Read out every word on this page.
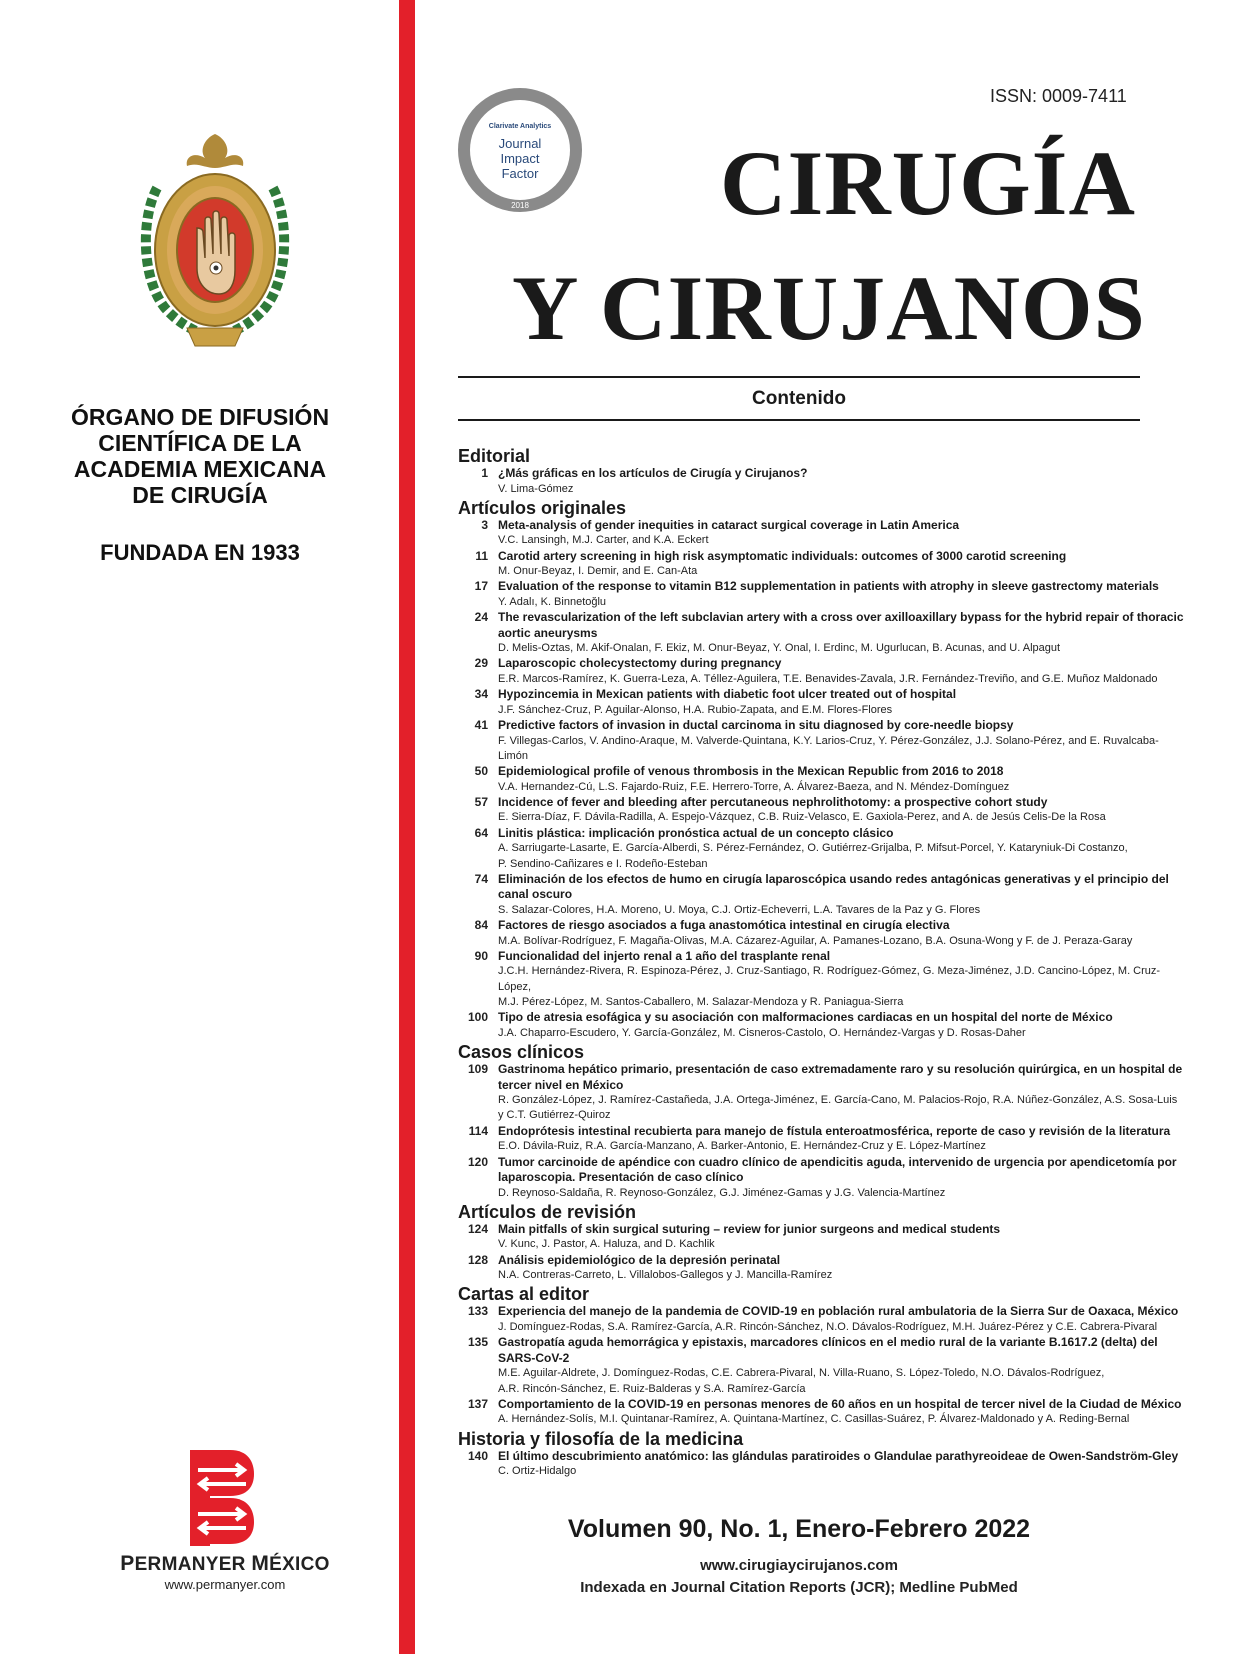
ÓRGANO DE DIFUSIÓN
CIENTÍFICA DE LA
ACADEMIA MEXICANA
DE CIRUGÍA
FUNDADA EN 1933
PERMANYER MÉXICO
www.permanyer.com
Journal Citation Reports
Clarivate Analytics
Journal
Impact
Factor
2018
ISSN: 0009-7411
CIRUGÍA
Y CIRUJANOS
Contenido
Editorial
1 ¿Más gráficas en los artículos de Cirugía y Cirujanos?
V. Lima-Gómez
Artículos originales
3 Meta-analysis of gender inequities in cataract surgical coverage in Latin America
V.C. Lansingh, M.J. Carter, and K.A. Eckert
11 Carotid artery screening in high risk asymptomatic individuals: outcomes of 3000 carotid screening
M. Onur-Beyaz, I. Demir, and E. Can-Ata
17 Evaluation of the response to vitamin B12 supplementation in patients with atrophy in sleeve gastrectomy materials
Y. Adalı, K. Binnetoğlu
24 The revascularization of the left subclavian artery with a cross over axilloaxillary bypass for the hybrid repair of thoracic aortic aneurysms
D. Melis-Oztas, M. Akif-Onalan, F. Ekiz, M. Onur-Beyaz, Y. Onal, I. Erdinc, M. Ugurlucan, B. Acunas, and U. Alpagut
29 Laparoscopic cholecystectomy during pregnancy
E.R. Marcos-Ramírez, K. Guerra-Leza, A. Téllez-Aguilera, T.E. Benavides-Zavala, J.R. Fernández-Treviño, and G.E. Muñoz Maldonado
34 Hypozincemia in Mexican patients with diabetic foot ulcer treated out of hospital
J.F. Sánchez-Cruz, P. Aguilar-Alonso, H.A. Rubio-Zapata, and E.M. Flores-Flores
41 Predictive factors of invasion in ductal carcinoma in situ diagnosed by core-needle biopsy
F. Villegas-Carlos, V. Andino-Araque, M. Valverde-Quintana, K.Y. Larios-Cruz, Y. Pérez-González, J.J. Solano-Pérez, and E. Ruvalcaba-Limón
50 Epidemiological profile of venous thrombosis in the Mexican Republic from 2016 to 2018
V.A. Hernandez-Cú, L.S. Fajardo-Ruiz, F.E. Herrero-Torre, A. Álvarez-Baeza, and N. Méndez-Domínguez
57 Incidence of fever and bleeding after percutaneous nephrolithotomy: a prospective cohort study
E. Sierra-Díaz, F. Dávila-Radilla, A. Espejo-Vázquez, C.B. Ruiz-Velasco, E. Gaxiola-Perez, and A. de Jesús Celis-De la Rosa
64 Linitis plástica: implicación pronóstica actual de un concepto clásico
A. Sarriugarte-Lasarte, E. García-Alberdi, S. Pérez-Fernández, O. Gutiérrez-Grijalba, P. Mifsut-Porcel, Y. Kataryniuk-Di Costanzo,
P. Sendino-Cañizares e I. Rodeño-Esteban
74 Eliminación de los efectos de humo en cirugía laparoscópica usando redes antagónicas generativas y el principio del canal oscuro
S. Salazar-Colores, H.A. Moreno, U. Moya, C.J. Ortiz-Echeverri, L.A. Tavares de la Paz y G. Flores
84 Factores de riesgo asociados a fuga anastomótica intestinal en cirugía electiva
M.A. Bolívar-Rodríguez, F. Magaña-Olivas, M.A. Cázarez-Aguilar, A. Pamanes-Lozano, B.A. Osuna-Wong y F. de J. Peraza-Garay
90 Funcionalidad del injerto renal a 1 año del trasplante renal
J.C.H. Hernández-Rivera, R. Espinoza-Pérez, J. Cruz-Santiago, R. Rodríguez-Gómez, G. Meza-Jiménez, J.D. Cancino-López, M. Cruz-López,
M.J. Pérez-López, M. Santos-Caballero, M. Salazar-Mendoza y R. Paniagua-Sierra
100 Tipo de atresia esofágica y su asociación con malformaciones cardiacas en un hospital del norte de México
J.A. Chaparro-Escudero, Y. García-González, M. Cisneros-Castolo, O. Hernández-Vargas y D. Rosas-Daher
Casos clínicos
109 Gastrinoma hepático primario, presentación de caso extremadamente raro y su resolución quirúrgica, en un hospital de tercer nivel en México
R. González-López, J. Ramírez-Castañeda, J.A. Ortega-Jiménez, E. García-Cano, M. Palacios-Rojo, R.A. Núñez-González, A.S. Sosa-Luis
y C.T. Gutiérrez-Quiroz
114 Endoprótesis intestinal recubierta para manejo de fístula enteroatmosférica, reporte de caso y revisión de la literatura
E.O. Dávila-Ruiz, R.A. García-Manzano, A. Barker-Antonio, E. Hernández-Cruz y E. López-Martínez
120 Tumor carcinoide de apéndice con cuadro clínico de apendicitis aguda, intervenido de urgencia por apendicetomía por laparoscopia. Presentación de caso clínico
D. Reynoso-Saldaña, R. Reynoso-González, G.J. Jiménez-Gamas y J.G. Valencia-Martínez
Artículos de revisión
124 Main pitfalls of skin surgical suturing – review for junior surgeons and medical students
V. Kunc, J. Pastor, A. Haluza, and D. Kachlik
128 Análisis epidemiológico de la depresión perinatal
N.A. Contreras-Carreto, L. Villalobos-Gallegos y J. Mancilla-Ramírez
Cartas al editor
133 Experiencia del manejo de la pandemia de COVID-19 en población rural ambulatoria de la Sierra Sur de Oaxaca, México
J. Domínguez-Rodas, S.A. Ramírez-García, A.R. Rincón-Sánchez, N.O. Dávalos-Rodríguez, M.H. Juárez-Pérez y C.E. Cabrera-Pivaral
135 Gastropatía aguda hemorrágica y epistaxis, marcadores clínicos en el medio rural de la variante B.1617.2 (delta) del SARS-CoV-2
M.E. Aguilar-Aldrete, J. Domínguez-Rodas, C.E. Cabrera-Pivaral, N. Villa-Ruano, S. López-Toledo, N.O. Dávalos-Rodríguez,
A.R. Rincón-Sánchez, E. Ruiz-Balderas y S.A. Ramírez-García
137 Comportamiento de la COVID-19 en personas menores de 60 años en un hospital de tercer nivel de la Ciudad de México
A. Hernández-Solís, M.I. Quintanar-Ramírez, A. Quintana-Martínez, C. Casillas-Suárez, P. Álvarez-Maldonado y A. Reding-Bernal
Historia y filosofía de la medicina
140 El último descubrimiento anatómico: las glándulas paratiroides o Glandulae parathyreoideae de Owen-Sandström-Gley
C. Ortiz-Hidalgo
Volumen 90, No. 1, Enero-Febrero 2022
www.cirugiaycirujanos.com
Indexada en Journal Citation Reports (JCR); Medline PubMed
